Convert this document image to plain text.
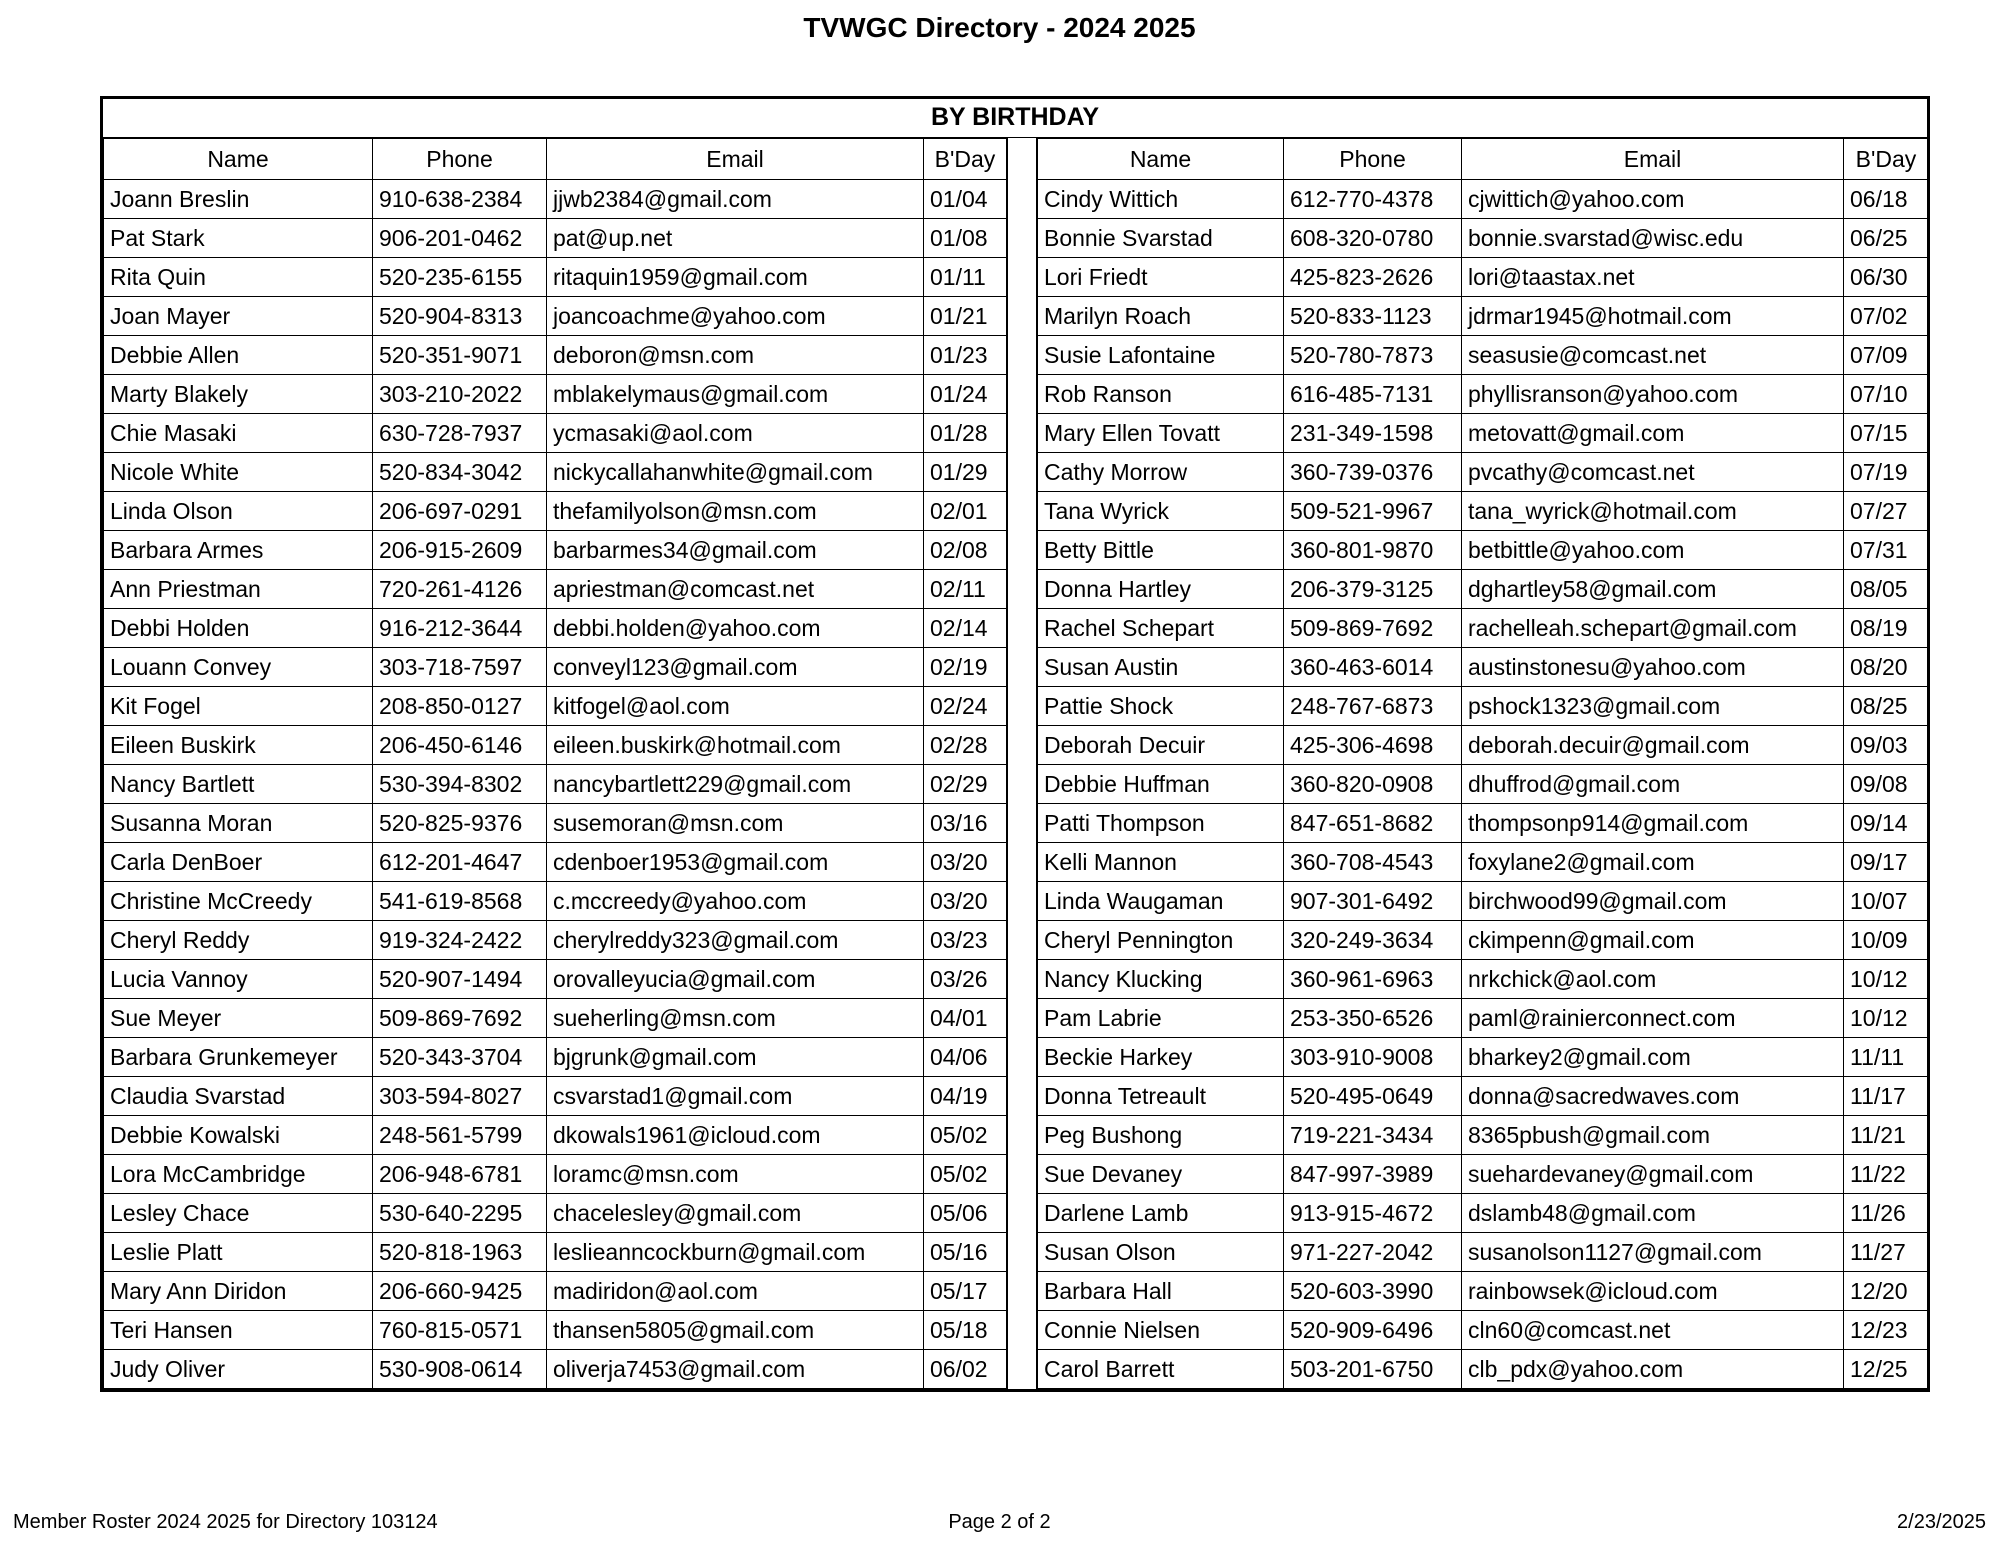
TVWGC Directory - 2024 2025
BY BIRTHDAY
Name	Phone	Email	B'Day
Joann Breslin	910-638-2384	jjwb2384@gmail.com	01/04
Pat Stark	906-201-0462	pat@up.net	01/08
Rita Quin	520-235-6155	ritaquin1959@gmail.com	01/11
Joan Mayer	520-904-8313	joancoachme@yahoo.com	01/21
Debbie Allen	520-351-9071	deboron@msn.com	01/23
Marty Blakely	303-210-2022	mblakelymaus@gmail.com	01/24
Chie Masaki	630-728-7937	ycmasaki@aol.com	01/28
Nicole White	520-834-3042	nickycallahanwhite@gmail.com	01/29
Linda Olson	206-697-0291	thefamilyolson@msn.com	02/01
Barbara Armes	206-915-2609	barbarmes34@gmail.com	02/08
Ann Priestman	720-261-4126	apriestman@comcast.net	02/11
Debbi Holden	916-212-3644	debbi.holden@yahoo.com	02/14
Louann Convey	303-718-7597	conveyl123@gmail.com	02/19
Kit Fogel	208-850-0127	kitfogel@aol.com	02/24
Eileen Buskirk	206-450-6146	eileen.buskirk@hotmail.com	02/28
Nancy Bartlett	530-394-8302	nancybartlett229@gmail.com	02/29
Susanna Moran	520-825-9376	susemoran@msn.com	03/16
Carla DenBoer	612-201-4647	cdenboer1953@gmail.com	03/20
Christine McCreedy	541-619-8568	c.mccreedy@yahoo.com	03/20
Cheryl Reddy	919-324-2422	cherylreddy323@gmail.com	03/23
Lucia Vannoy	520-907-1494	orovalleyucia@gmail.com	03/26
Sue Meyer	509-869-7692	sueherling@msn.com	04/01
Barbara Grunkemeyer	520-343-3704	bjgrunk@gmail.com	04/06
Claudia Svarstad	303-594-8027	csvarstad1@gmail.com	04/19
Debbie Kowalski	248-561-5799	dkowals1961@icloud.com	05/02
Lora McCambridge	206-948-6781	loramc@msn.com	05/02
Lesley Chace	530-640-2295	chacelesley@gmail.com	05/06
Leslie Platt	520-818-1963	leslieanncockburn@gmail.com	05/16
Mary Ann Diridon	206-660-9425	madiridon@aol.com	05/17
Teri Hansen	760-815-0571	thansen5805@gmail.com	05/18
Judy Oliver	530-908-0614	oliverja7453@gmail.com	06/02
Name	Phone	Email	B'Day
Cindy Wittich	612-770-4378	cjwittich@yahoo.com	06/18
Bonnie Svarstad	608-320-0780	bonnie.svarstad@wisc.edu	06/25
Lori Friedt	425-823-2626	lori@taastax.net	06/30
Marilyn Roach	520-833-1123	jdrmar1945@hotmail.com	07/02
Susie Lafontaine	520-780-7873	seasusie@comcast.net	07/09
Rob Ranson	616-485-7131	phyllisranson@yahoo.com	07/10
Mary Ellen Tovatt	231-349-1598	metovatt@gmail.com	07/15
Cathy Morrow	360-739-0376	pvcathy@comcast.net	07/19
Tana Wyrick	509-521-9967	tana_wyrick@hotmail.com	07/27
Betty Bittle	360-801-9870	betbittle@yahoo.com	07/31
Donna Hartley	206-379-3125	dghartley58@gmail.com	08/05
Rachel Schepart	509-869-7692	rachelleah.schepart@gmail.com	08/19
Susan Austin	360-463-6014	austinstonesu@yahoo.com	08/20
Pattie Shock	248-767-6873	pshock1323@gmail.com	08/25
Deborah Decuir	425-306-4698	deborah.decuir@gmail.com	09/03
Debbie Huffman	360-820-0908	dhuffrod@gmail.com	09/08
Patti Thompson	847-651-8682	thompsonp914@gmail.com	09/14
Kelli Mannon	360-708-4543	foxylane2@gmail.com	09/17
Linda Waugaman	907-301-6492	birchwood99@gmail.com	10/07
Cheryl Pennington	320-249-3634	ckimpenn@gmail.com	10/09
Nancy Klucking	360-961-6963	nrkchick@aol.com	10/12
Pam Labrie	253-350-6526	paml@rainierconnect.com	10/12
Beckie Harkey	303-910-9008	bharkey2@gmail.com	11/11
Donna Tetreault	520-495-0649	donna@sacredwaves.com	11/17
Peg Bushong	719-221-3434	8365pbush@gmail.com	11/21
Sue Devaney	847-997-3989	suehardevaney@gmail.com	11/22
Darlene Lamb	913-915-4672	dslamb48@gmail.com	11/26
Susan Olson	971-227-2042	susanolson1127@gmail.com	11/27
Barbara Hall	520-603-3990	rainbowsek@icloud.com	12/20
Connie Nielsen	520-909-6496	cln60@comcast.net	12/23
Carol Barrett	503-201-6750	clb_pdx@yahoo.com	12/25
Member Roster 2024 2025 for Directory 103124	Page 2 of 2	2/23/2025
